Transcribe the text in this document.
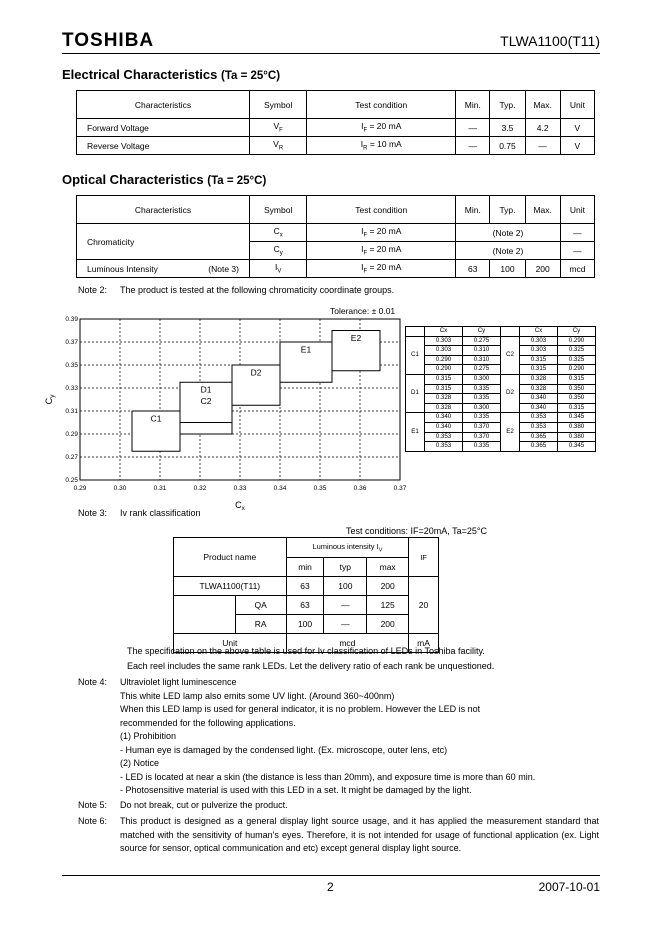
TOSHIBA	TLWA1100(T11)
Electrical Characteristics (Ta = 25°C)
Characteristics	Symbol	Test condition	Min.	Typ.	Max.	Unit
Forward Voltage	$V_F$	$I_F = 20$ mA	—	3.5	4.2	V
Reverse Voltage	$V_R$	$I_R = 10$ mA	—	0.75	—	V
Optical Characteristics (Ta = 25°C)
Characteristics	Symbol	Test condition	Min.	Typ.	Max.	Unit
Chromaticity	$C_x$	$I_F = 20$ mA	(Note 2)			—
	$C_y$	$I_F = 20$ mA	(Note 2)			—
Luminous Intensity (Note 3)	$I_V$	$I_F = 20$ mA	63	100	200	mcd
Note 2: The product is tested at the following chromaticity coordinate groups.
Tolerance: ± 0.01
0.29	0.30	0.31	0.32	0.33	0.34	0.35	0.36	0.37
0.25
0.27
0.29
0.31
0.33
0.35
0.37
0.39
C1
C2
D1
D2
E1
E2
$C_x$
$C_y$
	Cx	Cy		Cx	Cy
C1	0.303	0.275	C2	0.303	0.290
	0.303	0.310		0.303	0.325
	0.290	0.310		0.315	0.325
	0.290	0.275		0.315	0.290
D1	0.315	0.300	D2	0.328	0.315
	0.315	0.335		0.328	0.350
	0.328	0.335		0.340	0.350
	0.328	0.300		0.340	0.315
E1	0.340	0.335	E2	0.353	0.345
	0.340	0.370		0.353	0.380
	0.353	0.370		0.365	0.380
	0.353	0.335		0.365	0.345
Note 3: Iv rank classification
Test conditions: IF=20mA, Ta=25°C
Product name		Luminous intensity $I_V$			IF
		min	typ	max	
TLWA1100(T11)		63	100	200	20
	QA	63	—	125	
	RA	100	—	200	
Unit		mcd			mA
The specification on the above table is used for Iv classification of LEDs in Toshiba facility.
Each reel includes the same rank LEDs. Let the delivery ratio of each rank be unquestioned.
Note 4: Ultraviolet light luminescence
This white LED lamp also emits some UV light. (Around 360~400nm)
When this LED lamp is used for general indicator, it is no problem. However the LED is not
recommended for the following applications.
(1) Prohibition
- Human eye is damaged by the condensed light. (Ex. microscope, outer lens, etc)
(2) Notice
- LED is located at near a skin (the distance is less than 20mm), and exposure time is more than 60 min.
- Photosensitive material is used with this LED in a set. It might be damaged by the light.
Note 5: Do not break, cut or pulverize the product.
Note 6: This product is designed as a general display light source usage, and it has applied the measurement standard that matched with the sensitivity of human's eyes. Therefore, it is not intended for usage of functional application (ex. Light source for sensor, optical communication and etc) except general display light source.
2	2007-10-01
